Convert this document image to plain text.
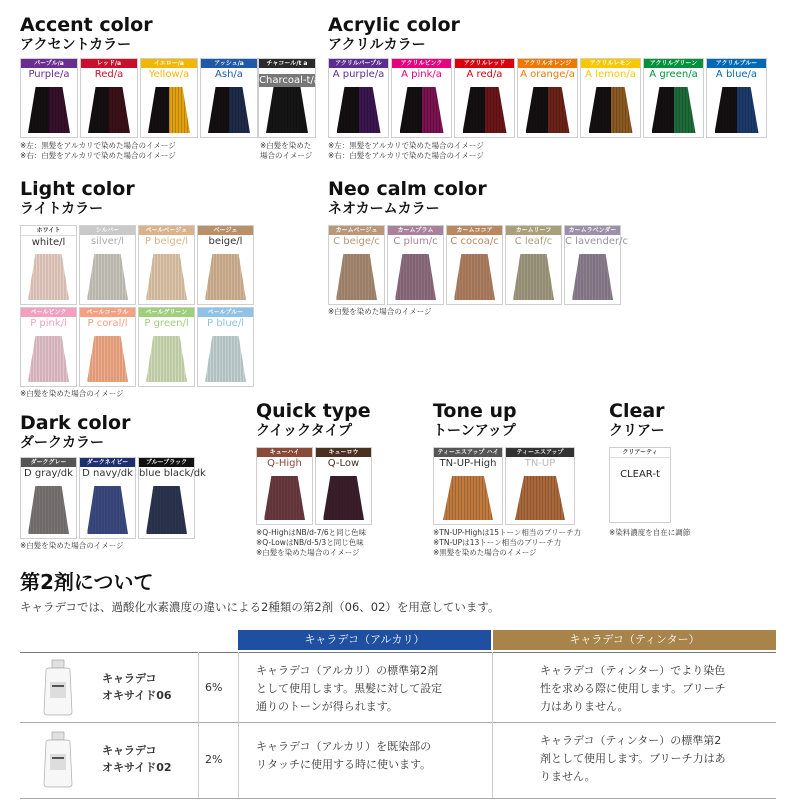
Accent color
アクセントカラー
パープル/a
Purple/a
レッド/a
Red/a
イエロー/a
Yellow/a
アッシュ/a
Ash/a
チャコール/t a
Charcoal-t/a
※左：黒髪をアルカリで染めた場合のイメージ
※右：白髪をアルカリで染めた場合のイメージ
※白髪を染めた
場合のイメージ
Acrylic color
アクリルカラー
アクリルパープル
A purple/a
アクリルピンク
A pink/a
アクリルレッド
A red/a
アクリルオレンジ
A orange/a
アクリルレモン
A lemon/a
アクリルグリーン
A green/a
アクリルブルー
A blue/a
※左：黒髪をアルカリで染めた場合のイメージ
※右：白髪をアルカリで染めた場合のイメージ
Light color
ライトカラー
ホワイト
white/l
シルバー
silver/l
ペールベージュ
P beige/l
ベージュ
beige/l
ペールピンク
P pink/l
ペールコーラル
P coral/l
ペールグリーン
P green/l
ペールブルー
P blue/l
※白髪を染めた場合のイメージ
Neo calm color
ネオカームカラー
カームベージュ
C beige/c
カームプラム
C plum/c
カームココア
C cocoa/c
カームリーフ
C leaf/c
カームラベンダー
C lavender/c
※白髪を染めた場合のイメージ
Dark color
ダークカラー
ダークグレー
D gray/dk
ダークネイビー
D navy/dk
ブルーブラック
blue black/dk
※白髪を染めた場合のイメージ
Quick type
クイックタイプ
キューハイ
Q-High
キューロウ
Q-Low
※Q-HighはNB/d-7/6と同じ色味
※Q-LowはNB/d-5/3と同じ色味
※白髪を染めた場合のイメージ
Tone up
トーンアップ
ティーエスアップ ハイ
TN-UP-High
ティーエスアップ
TN-UP
※TN-UP-Highは15トーン相当のブリーチ力
※TN-UPは13トーン相当のブリーチ力
※黒髪を染めた場合のイメージ
Clear
クリアー
クリアーティ
CLEAR-t
※染料濃度を自在に調節
第2剤について
キャラデコでは、過酸化水素濃度の違いによる2種類の第2剤（06、02）を用意しています。
キャラデコ（アルカリ）	キャラデコ（ティンター）
キャラデコ
オキサイド06
6%
キャラデコ（アルカリ）の標準第2剤
として使用します。黒髪に対して設定
通りのトーンが得られます。
キャラデコ（ティンター）でより染色
性を求める際に使用します。ブリーチ
力はありません。
キャラデコ
オキサイド02
2%
キャラデコ（アルカリ）を既染部の
リタッチに使用する時に使います。
キャラデコ（ティンター）の標準第2
剤として使用します。ブリーチ力はあ
りません。
